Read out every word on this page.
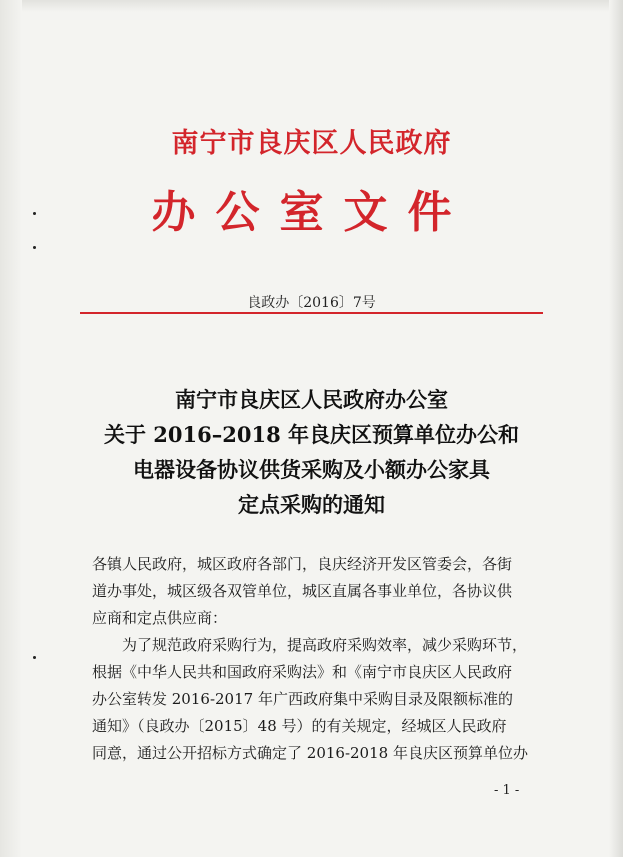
南宁市良庆区人民政府
办公室文件
良政办〔2016〕7号
南宁市良庆区人民政府办公室
关于 2016–2018 年良庆区预算单位办公和
电器设备协议供货采购及小额办公家具
定点采购的通知

各镇人民政府，城区政府各部门，良庆经济开发区管委会，各街

道办事处，城区级各双管单位，城区直属各事业单位，各协议供

应商和定点供应商：

　　为了规范政府采购行为，提高政府采购效率，减少采购环节，

根据《中华人民共和国政府采购法》和《南宁市良庆区人民政府

办公室转发 2016-2017 年广西政府集中采购目录及限额标准的

通知》（良政办〔2015〕48 号）的有关规定，经城区人民政府

同意，通过公开招标方式确定了 2016-2018 年良庆区预算单位办

- 1 -
